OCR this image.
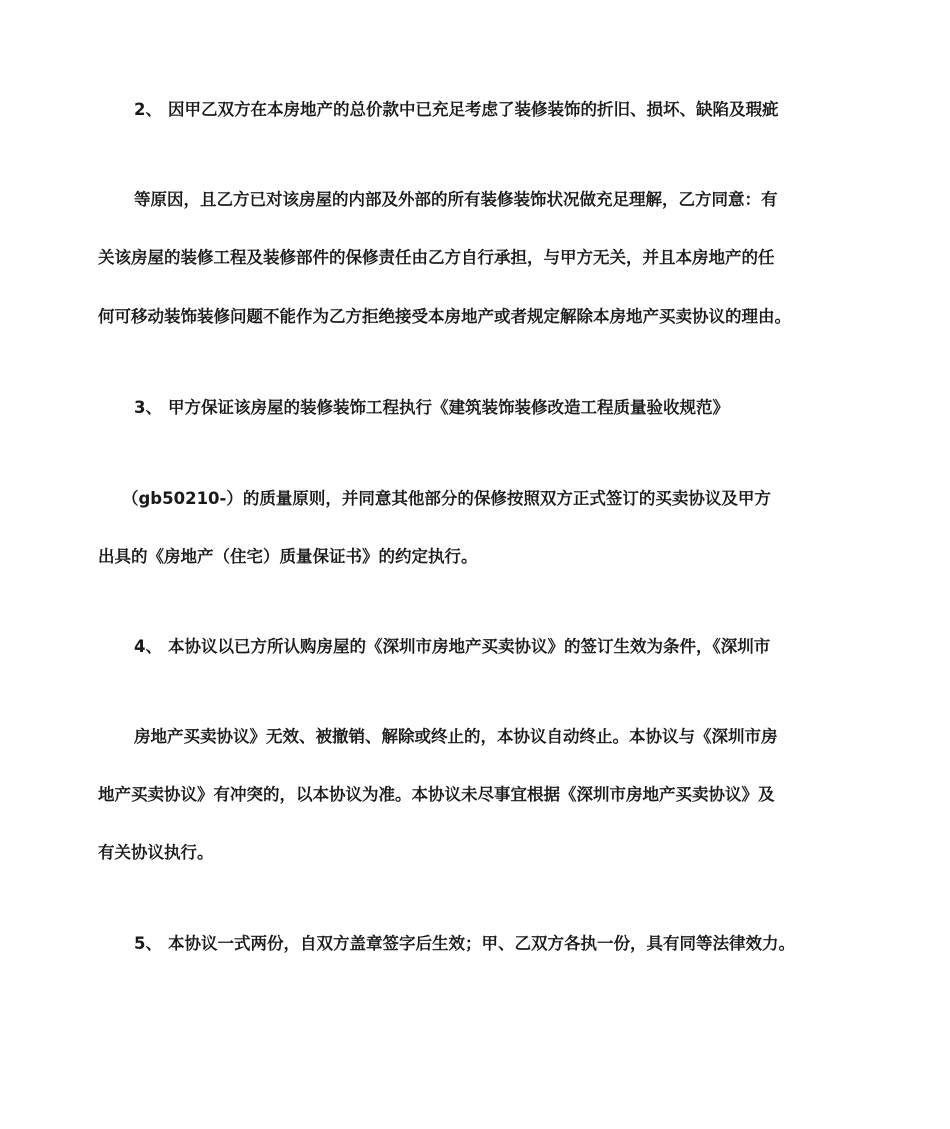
2、 因甲乙双方在本房地产的总价款中已充足考虑了装修装饰的折旧、损坏、缺陷及瑕疵
等原因，且乙方已对该房屋的内部及外部的所有装修装饰状况做充足理解，乙方同意：有
关该房屋的装修工程及装修部件的保修责任由乙方自行承担，与甲方无关，并且本房地产的任
何可移动装饰装修问题不能作为乙方拒绝接受本房地产或者规定解除本房地产买卖协议的理由。
3、 甲方保证该房屋的装修装饰工程执行《建筑装饰装修改造工程质量验收规范》
（gb50210-）的质量原则，并同意其他部分的保修按照双方正式签订的买卖协议及甲方
出具的《房地产（住宅）质量保证书》的约定执行。
4、 本协议以已方所认购房屋的《深圳市房地产买卖协议》的签订生效为条件，《深圳市
房地产买卖协议》无效、被撤销、解除或终止的，本协议自动终止。本协议与《深圳市房
地产买卖协议》有冲突的，以本协议为准。本协议未尽事宜根据《深圳市房地产买卖协议》及
有关协议执行。
5、 本协议一式两份，自双方盖章签字后生效；甲、乙双方各执一份，具有同等法律效力。
